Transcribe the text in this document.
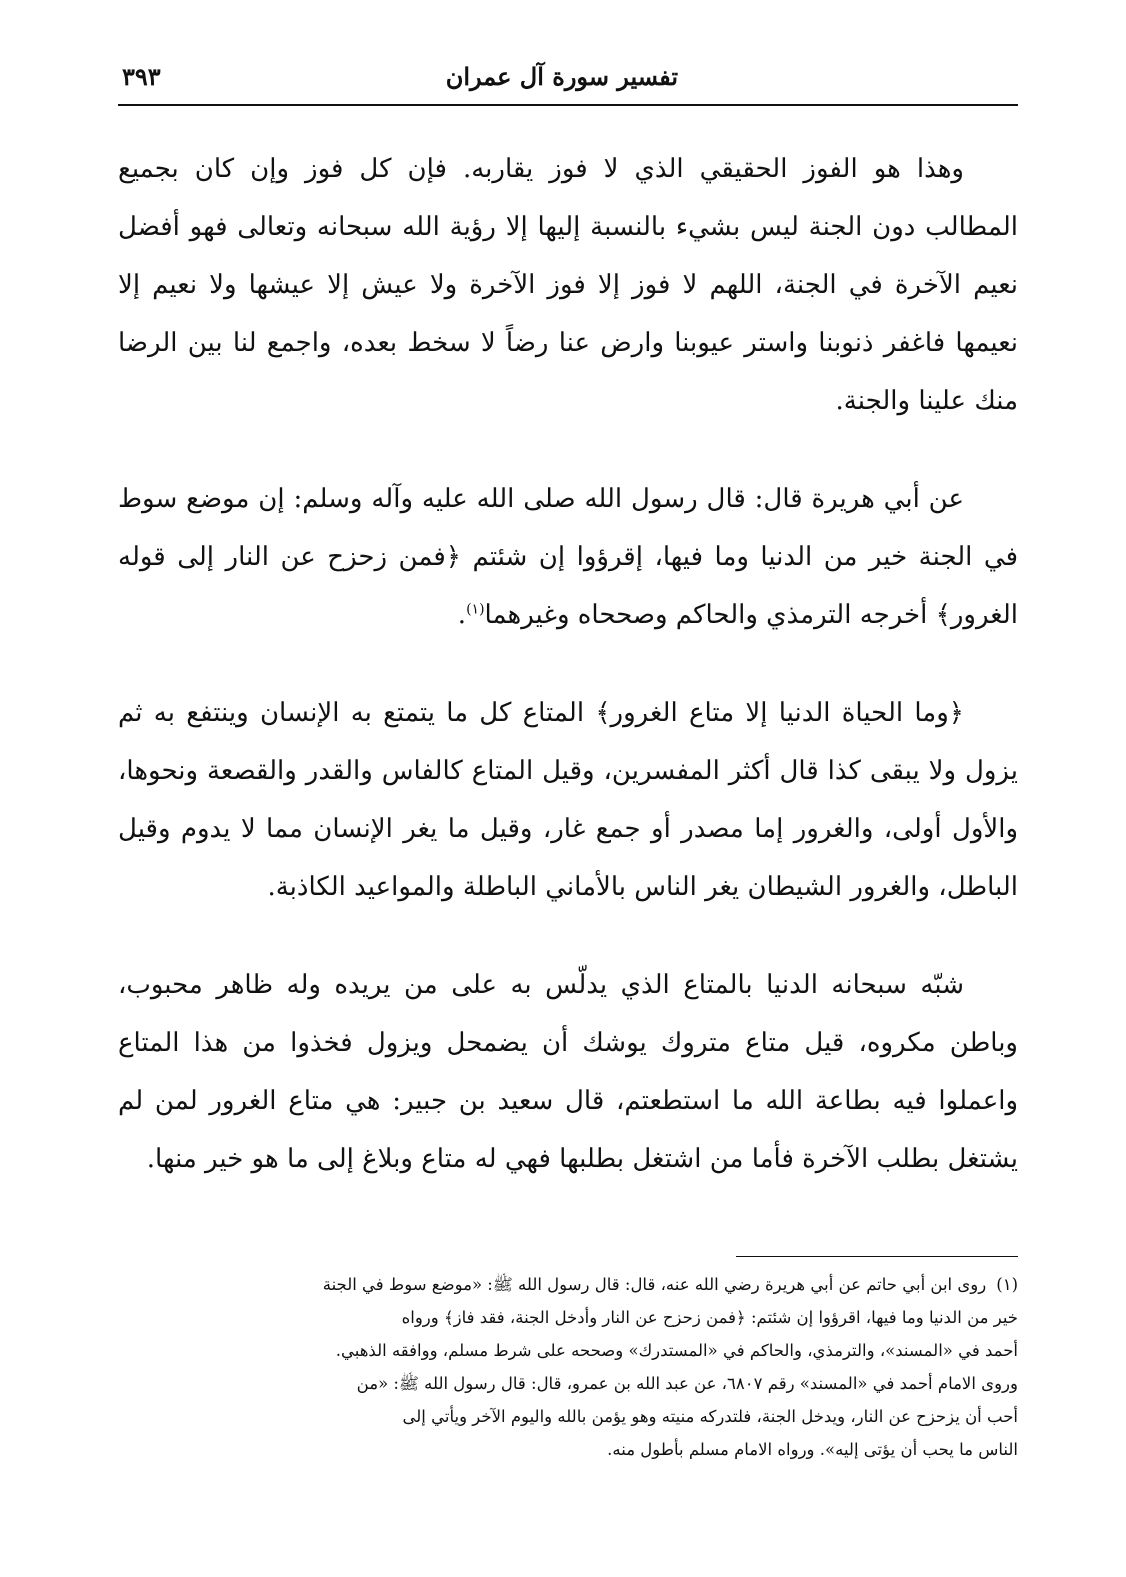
تفسير سورة آل عمران
٣٩٣

وهذا هو الفوز الحقيقي الذي لا فوز يقاربه. فإن كل فوز وإن كان بجميع المطالب دون الجنة ليس بشيء بالنسبة إليها إلا رؤية الله سبحانه وتعالى فهو أفضل نعيم الآخرة في الجنة، اللهم لا فوز إلا فوز الآخرة ولا عيش إلا عيشها ولا نعيم إلا نعيمها فاغفر ذنوبنا واستر عيوبنا وارض عنا رضاً لا سخط بعده، واجمع لنا بين الرضا منك علينا والجنة.

عن أبي هريرة قال: قال رسول الله صلى الله عليه وآله وسلم: إن موضع سوط في الجنة خير من الدنيا وما فيها، إقرؤوا إن شئتم ﴿فمن زحزح عن النار إلى قوله الغرور﴾ أخرجه الترمذي والحاكم وصححاه وغيرهما$^{(١)}$.

﴿وما الحياة الدنيا إلا متاع الغرور﴾ المتاع كل ما يتمتع به الإنسان وينتفع به ثم يزول ولا يبقى كذا قال أكثر المفسرين، وقيل المتاع كالفاس والقدر والقصعة ونحوها، والأول أولى، والغرور إما مصدر أو جمع غار، وقيل ما يغر الإنسان مما لا يدوم وقيل الباطل، والغرور الشيطان يغر الناس بالأماني الباطلة والمواعيد الكاذبة.

شبّه سبحانه الدنيا بالمتاع الذي يدلّس به على من يريده وله ظاهر محبوب، وباطن مكروه، قيل متاع متروك يوشك أن يضمحل ويزول فخذوا من هذا المتاع واعملوا فيه بطاعة الله ما استطعتم، قال سعيد بن جبير: هي متاع الغرور لمن لم يشتغل بطلب الآخرة فأما من اشتغل بطلبها فهي له متاع وبلاغ إلى ما هو خير منها.

(١)روى ابن أبي حاتم عن أبي هريرة رضي الله عنه، قال: قال رسول الله ﷺ: «موضع سوط في الجنة

خير من الدنيا وما فيها، اقرؤوا إن شئتم: ﴿فمن زحزح عن النار وأدخل الجنة، فقد فاز﴾ ورواه

أحمد في «المسند»، والترمذي، والحاكم في «المستدرك» وصححه على شرط مسلم، ووافقه الذهبي.

وروى الامام أحمد في «المسند» رقم ٦٨٠٧، عن عبد الله بن عمرو، قال: قال رسول الله ﷺ: «من

أحب أن يزحزح عن النار، ويدخل الجنة، فلتدركه منيته وهو يؤمن بالله واليوم الآخر ويأتي إلى

الناس ما يحب أن يؤتى إليه». ورواه الامام مسلم بأطول منه.
